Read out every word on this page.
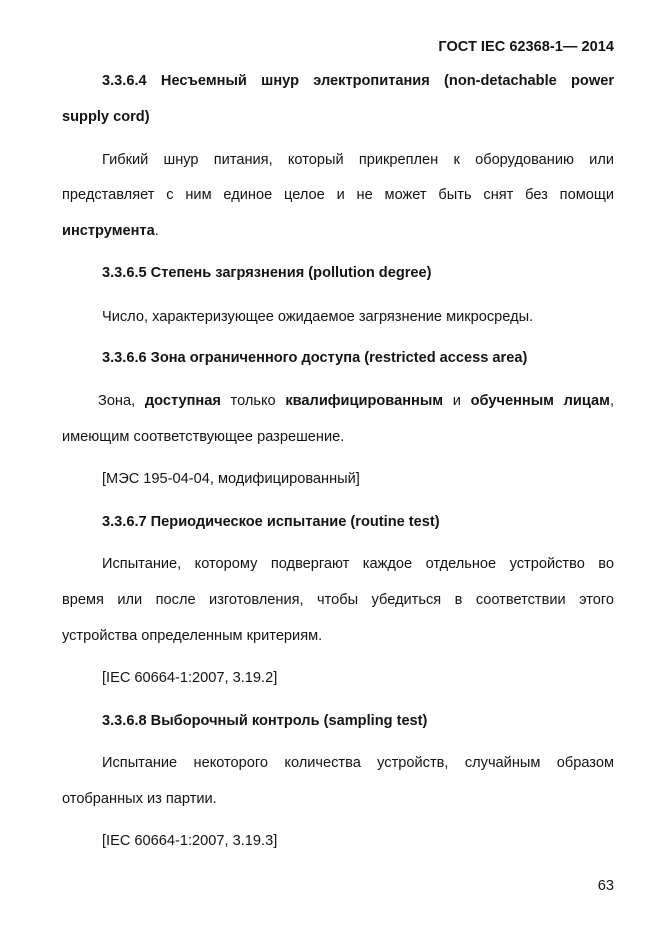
ГОСТ IEC 62368-1— 2014
3.3.6.4 Несъемный шнур электропитания (non-detachable power
supply cord)
Гибкий шнур питания, который прикреплен к оборудованию или
представляет с ним единое целое и не может быть снят без помощи
инструмента.
3.3.6.5 Степень загрязнения (pollution degree)
Число, характеризующее ожидаемое загрязнение микросреды.
3.3.6.6 Зона ограниченного доступа (restricted access area)
Зона, доступная только квалифицированным и обученным лицам,
имеющим соответствующее разрешение.
[МЭС 195-04-04, модифицированный]
3.3.6.7 Периодическое испытание (routine test)
Испытание, которому подвергают каждое отдельное устройство во
время или после изготовления, чтобы убедиться в соответствии этого
устройства определенным критериям.
[IEC 60664-1:2007, 3.19.2]
3.3.6.8 Выборочный контроль (sampling test)
Испытание некоторого количества устройств, случайным образом
отобранных из партии.
[IEC 60664-1:2007, 3.19.3]
63
